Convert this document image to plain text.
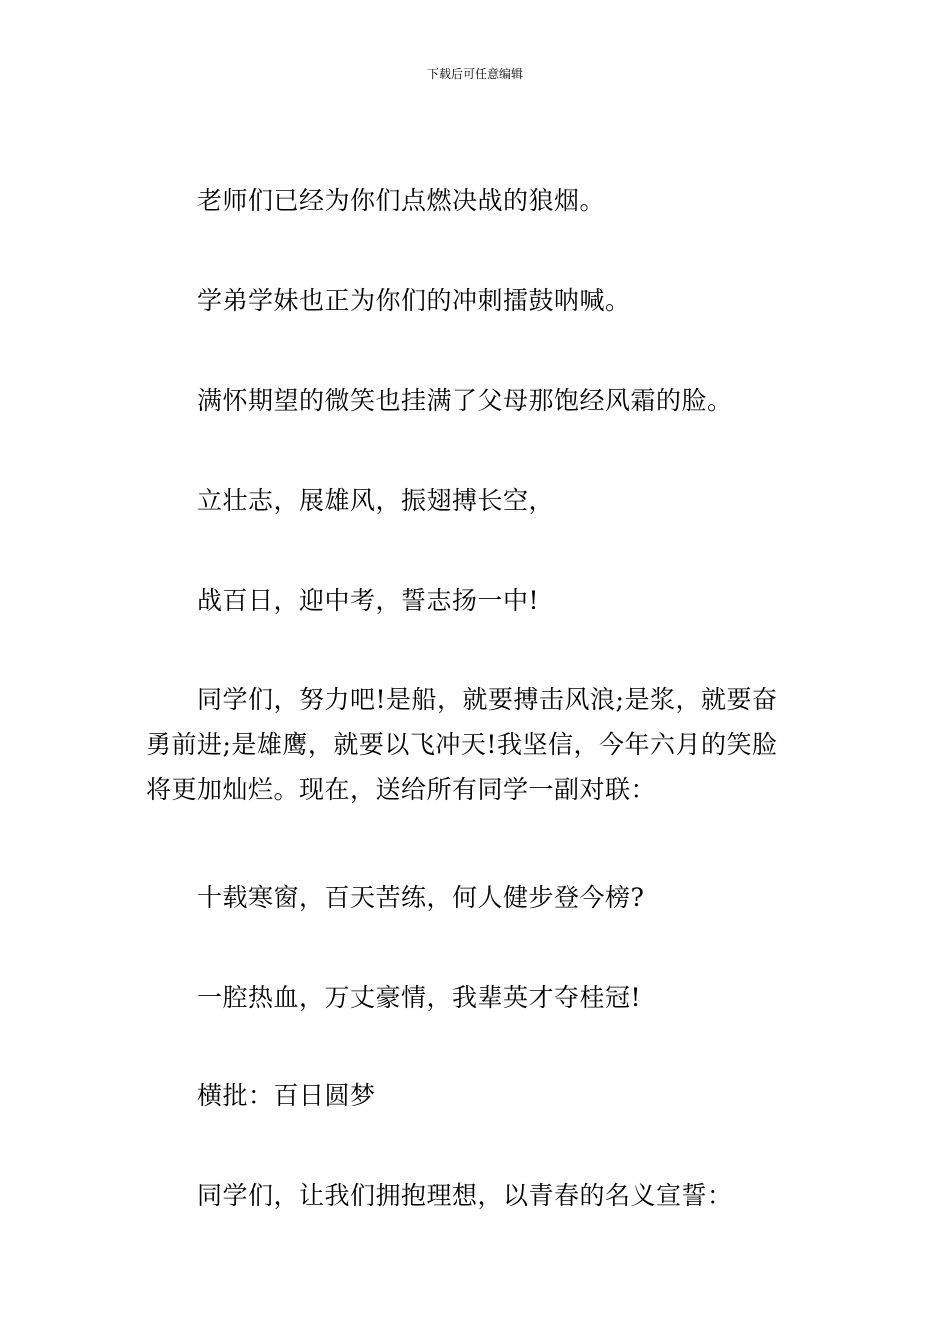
下载后可任意编辑
老师们已经为你们点燃决战的狼烟。
学弟学妹也正为你们的冲刺擂鼓呐喊。
满怀期望的微笑也挂满了父母那饱经风霜的脸。
立壮志，展雄风，振翅搏长空，
战百日，迎中考，誓志扬一中!
同学们，努力吧!是船，就要搏击风浪;是浆，就要奋
勇前进;是雄鹰，就要以飞冲天!我坚信，今年六月的笑脸
将更加灿烂。现在，送给所有同学一副对联：
十载寒窗，百天苦练，何人健步登今榜?
一腔热血，万丈豪情，我辈英才夺桂冠!
横批：百日圆梦
同学们，让我们拥抱理想，以青春的名义宣誓：
